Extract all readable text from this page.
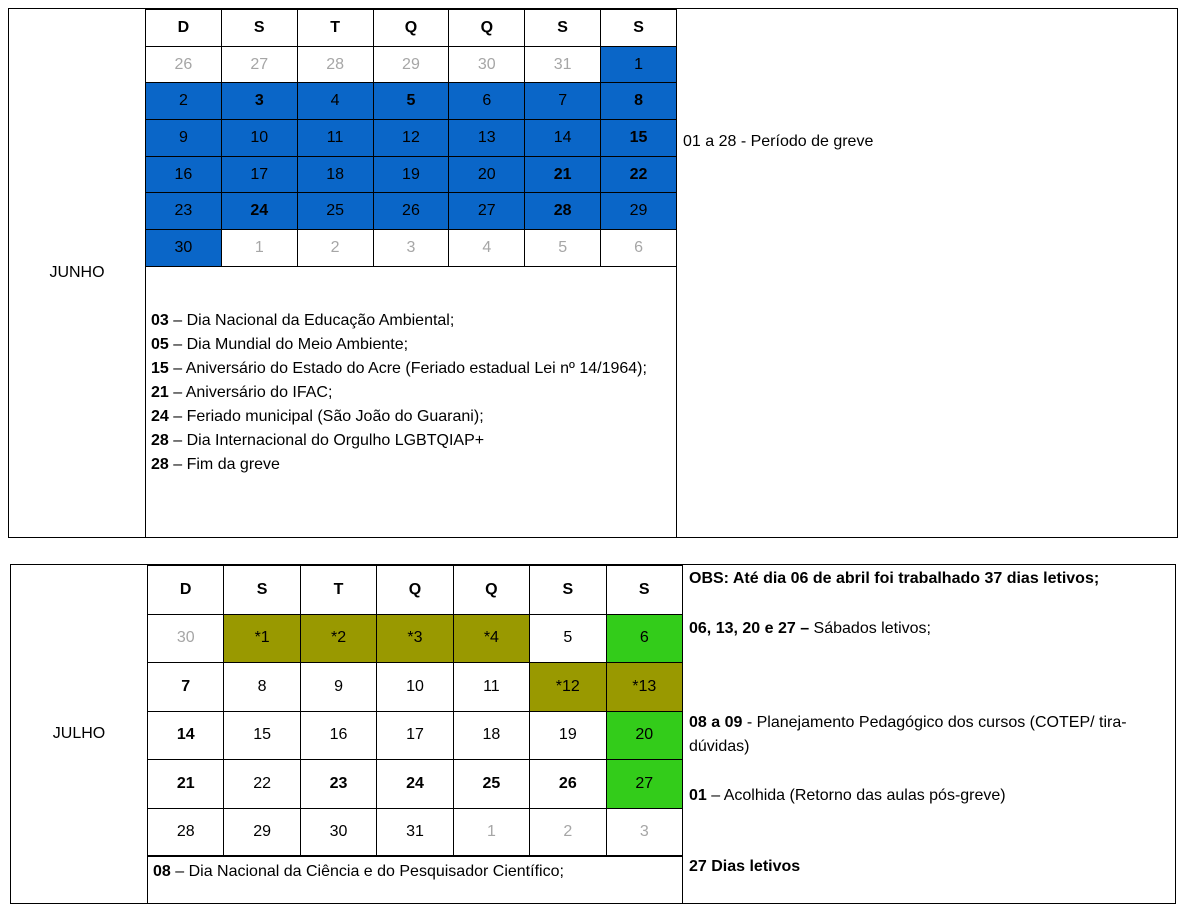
JUNHO
D	S	T	Q	Q	S	S
26	27	28	29	30	31	1
2	3	4	5	6	7	8
9	10	11	12	13	14	15
16	17	18	19	20	21	22
23	24	25	26	27	28	29
30	1	2	3	4	5	6
03 – Dia Nacional da Educação Ambiental;
05 – Dia Mundial do Meio Ambiente;
15 – Aniversário do Estado do Acre (Feriado estadual Lei nº 14/1964);
21 – Aniversário do IFAC;
24 – Feriado municipal (São João do Guarani);
28 – Dia Internacional do Orgulho LGBTQIAP+
28 – Fim da greve
01 a 28 - Período de greve
JULHO
D	S	T	Q	Q	S	S
30	*1	*2	*3	*4	5	6
7	8	9	10	11	*12	*13
14	15	16	17	18	19	20
21	22	23	24	25	26	27
28	29	30	31	1	2	3
08 – Dia Nacional da Ciência e do Pesquisador Científico;
OBS: Até dia 06 de abril foi trabalhado 37 dias letivos;
06, 13, 20 e 27 – Sábados letivos;
08 a 09 - Planejamento Pedagógico dos cursos (COTEP/ tira-dúvidas)
01 – Acolhida (Retorno das aulas pós-greve)
27 Dias letivos
